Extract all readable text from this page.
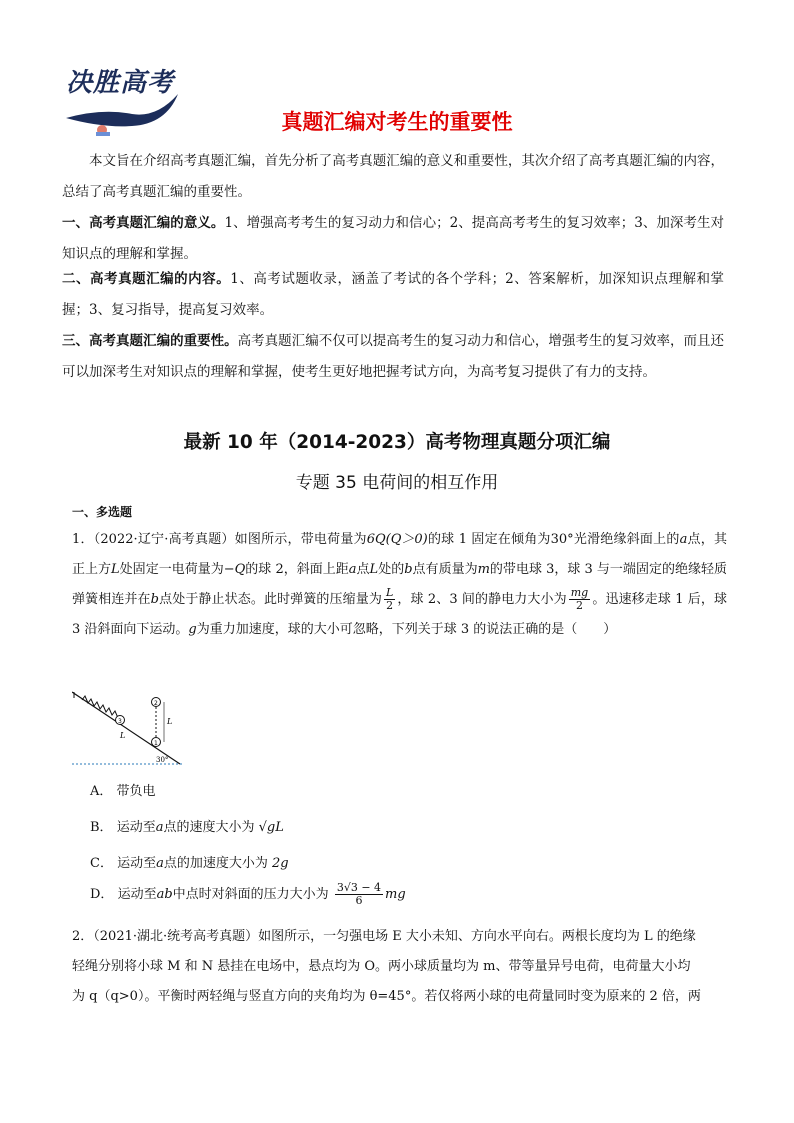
决胜高考
真题汇编对考生的重要性
本文旨在介绍高考真题汇编，首先分析了高考真题汇编的意义和重要性，其次介绍了高考真题汇编的内容，总结了高考真题汇编的重要性。
一、高考真题汇编的意义。1、增强高考考生的复习动力和信心；2、提高高考考生的复习效率；3、加深考生对知识点的理解和掌握。
二、高考真题汇编的内容。1、高考试题收录，涵盖了考试的各个学科；2、答案解析，加深知识点理解和掌握；3、复习指导，提高复习效率。
三、高考真题汇编的重要性。高考真题汇编不仅可以提高考生的复习动力和信心，增强考生的复习效率，而且还可以加深考生对知识点的理解和掌握，使考生更好地把握考试方向，为高考复习提供了有力的支持。
最新 10 年（2014-2023）高考物理真题分项汇编
专题 35 电荷间的相互作用
一、多选题
1．（2022·辽宁·高考真题）如图所示，带电荷量为6Q(Q＞0)的球 1 固定在倾角为30°光滑绝缘斜面上的a点，其正上方L处固定一电荷量为−Q的球 2，斜面上距a点L处的b点有质量为m的带电球 3，球 3 与一端固定的绝缘轻质弹簧相连并在b点处于静止状态。此时弹簧的压缩量为 $\frac{L}{2}$ ，球 2、3 间的静电力大小为 $\frac{mg}{2}$ 。迅速移走球 1 后，球 3 沿斜面向下运动。g为重力加速度，球的大小可忽略，下列关于球 3 的说法正确的是（　　）
3
1
2
L
L
30°
A． 带负电
B． 运动至a点的速度大小为 √gL
C． 运动至a点的加速度大小为 2g
D． 运动至ab中点时对斜面的压力大小为 $\frac{3√3 - 4}{6}$ mg
2．（2021·湖北·统考高考真题）如图所示，一匀强电场 E 大小未知、方向水平向右。两根长度均为 L 的绝缘
轻绳分别将小球 M 和 N 悬挂在电场中，悬点均为 O。两小球质量均为 m、带等量异号电荷，电荷量大小均
为 q（q>0）。平衡时两轻绳与竖直方向的夹角均为 θ=45°。若仅将两小球的电荷量同时变为原来的 2 倍，两
